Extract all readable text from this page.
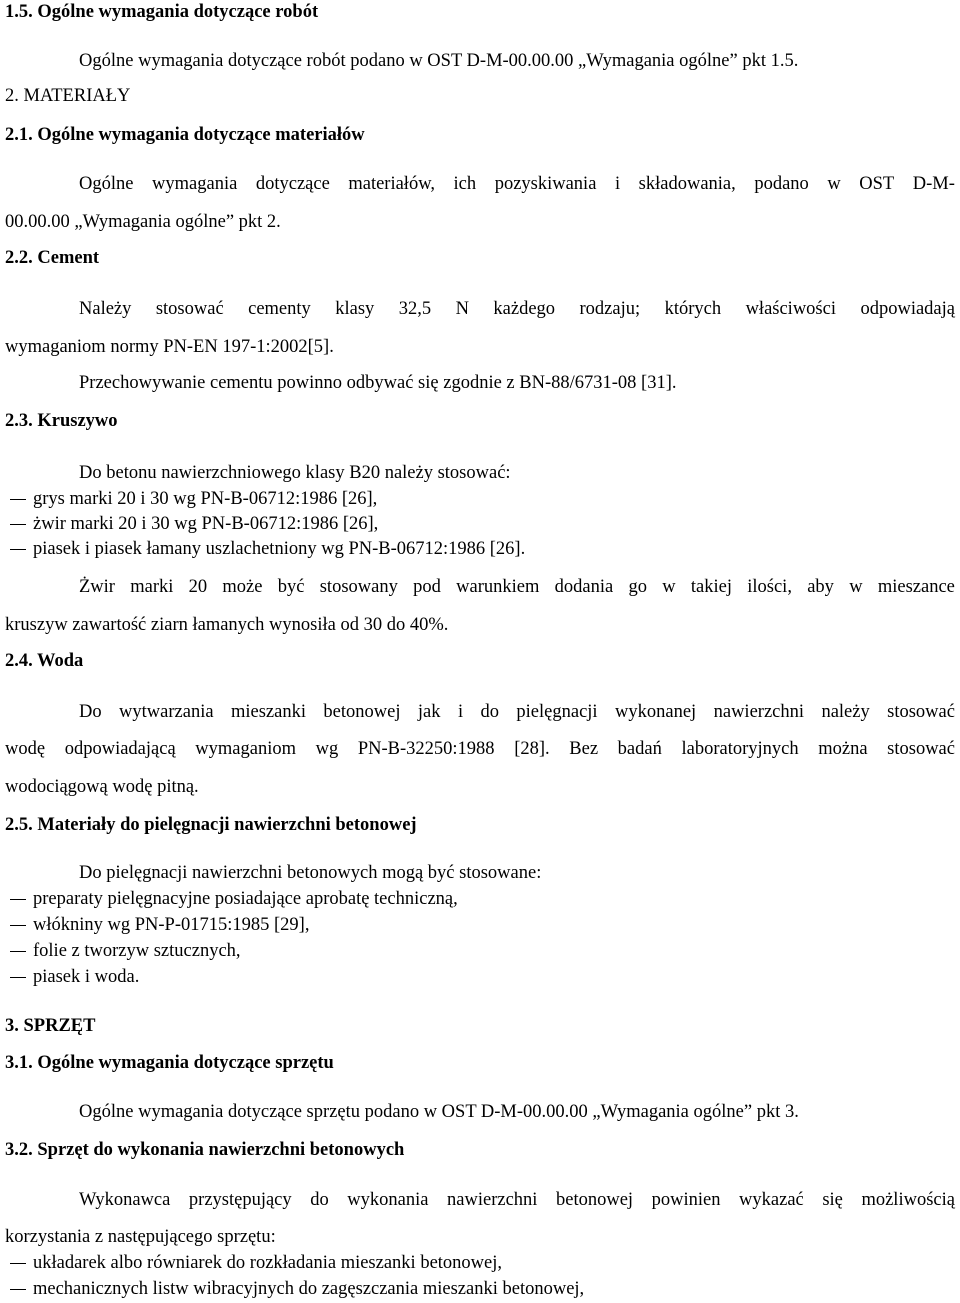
1.5. Ogólne wymagania dotyczące robót
Ogólne wymagania dotyczące robót podano w OST D-M-00.00.00 „Wymagania ogólne” pkt 1.5.
2. MATERIAŁY
2.1. Ogólne wymagania dotyczące materiałów
Ogólne wymagania dotyczące materiałów, ich pozyskiwania i składowania, podano w OST D-M-
00.00.00 „Wymagania ogólne” pkt 2.
2.2. Cement
Należy stosować cementy klasy 32,5 N każdego rodzaju; których właściwości odpowiadają
wymaganiom normy PN-EN 197-1:2002[5].
Przechowywanie cementu powinno odbywać się zgodnie z BN-88/6731-08 [31].
2.3. Kruszywo
Do betonu nawierzchniowego klasy B20 należy stosować:
grys marki 20 i 30 wg PN-B-06712:1986 [26],
żwir marki 20 i 30 wg PN-B-06712:1986 [26],
piasek i piasek łamany uszlachetniony wg PN-B-06712:1986 [26].
Żwir marki 20 może być stosowany pod warunkiem dodania go w takiej ilości, aby w mieszance
kruszyw zawartość ziarn łamanych wynosiła od 30 do 40%.
2.4. Woda
Do wytwarzania mieszanki betonowej jak i do pielęgnacji wykonanej nawierzchni należy stosować
wodę odpowiadającą wymaganiom wg PN-B-32250:1988 [28]. Bez badań laboratoryjnych można stosować
wodociągową wodę pitną.
2.5. Materiały do pielęgnacji nawierzchni betonowej
Do pielęgnacji nawierzchni betonowych mogą być stosowane:
preparaty pielęgnacyjne posiadające aprobatę techniczną,
włókniny wg PN-P-01715:1985 [29],
folie z tworzyw sztucznych,
piasek i woda.
3. SPRZĘT
3.1. Ogólne wymagania dotyczące sprzętu
Ogólne wymagania dotyczące sprzętu podano w OST D-M-00.00.00 „Wymagania ogólne” pkt 3.
3.2. Sprzęt do wykonania nawierzchni betonowych
Wykonawca przystępujący do wykonania nawierzchni betonowej powinien wykazać się możliwością
korzystania z następującego sprzętu:
układarek albo równiarek do rozkładania mieszanki betonowej,
mechanicznych listw wibracyjnych do zagęszczania mieszanki betonowej,
